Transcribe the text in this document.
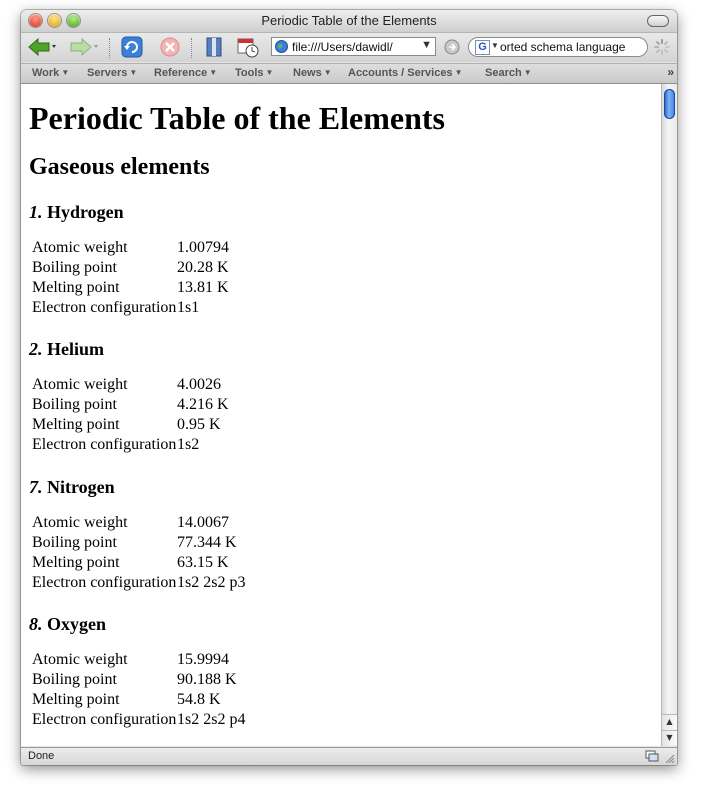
Periodic Table of the Elements
file:///Users/dawidl/	▼	G ▼ orted schema language
Work ▼ Servers ▼ Reference ▼ Tools ▼ News ▼ Accounts / Services ▼ Search ▼	»
Periodic Table of the Elements
Gaseous elements
1. Hydrogen
Atomic weight	1.00794
Boiling point	20.28 K
Melting point	13.81 K
Electron configuration 1s1
2. Helium
Atomic weight	4.0026
Boiling point	4.216 K
Melting point	0.95 K
Electron configuration 1s2
7. Nitrogen
Atomic weight	14.0067
Boiling point	77.344 K
Melting point	63.15 K
Electron configuration 1s2 2s2 p3
8. Oxygen
Atomic weight	15.9994
Boiling point	90.188 K
Melting point	54.8 K
Electron configuration 1s2 2s2 p4	▲
▼
Done
